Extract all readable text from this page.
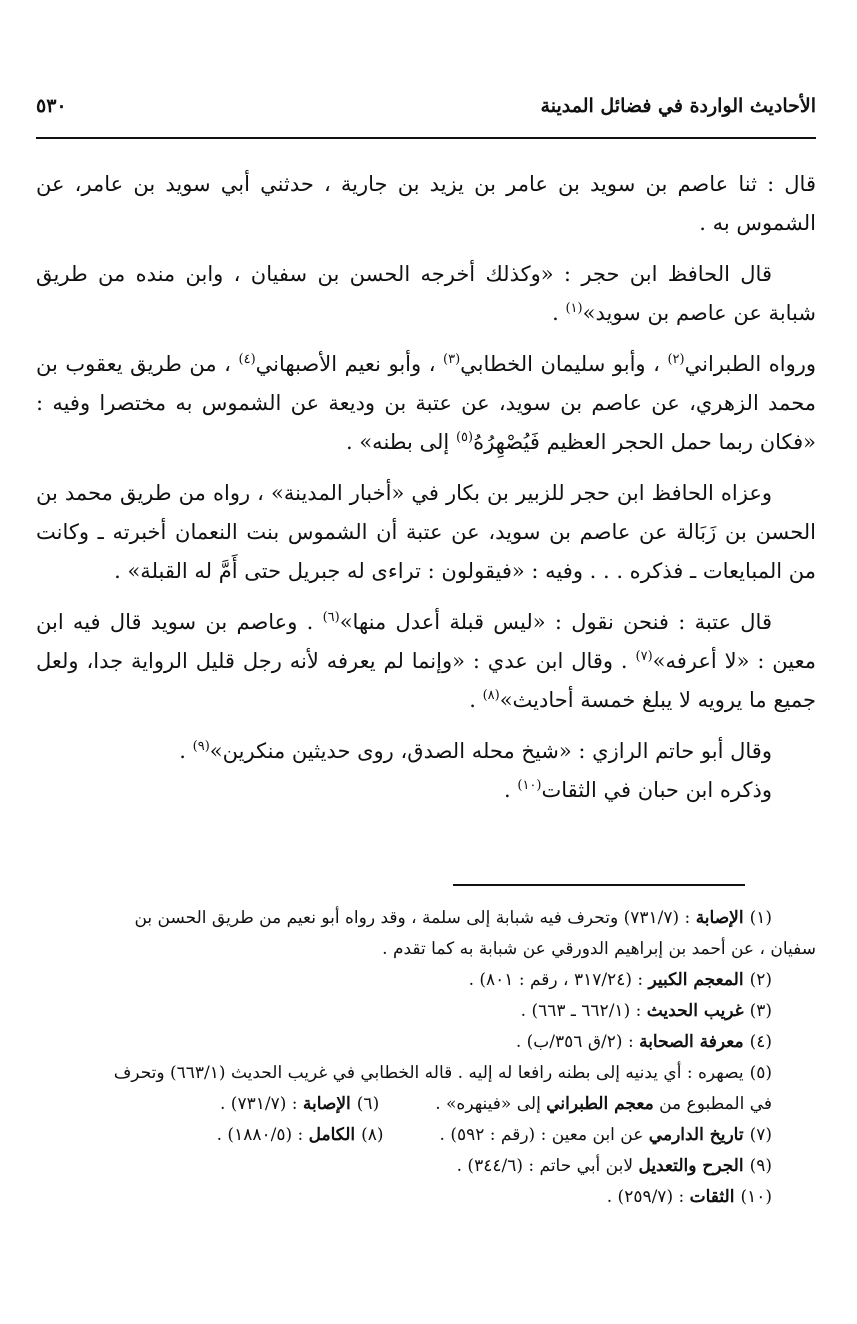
الأحاديث الواردة في فضائل المدينة
٥٣٠

قال : ثنا عاصم بن سويد بن عامر بن يزيد بن جارية ، حدثني أبي سويد بن عامر، عن الشموس به .

قال الحافظ ابن حجر : «وكذلك أخرجه الحسن بن سفيان ، وابن منده من طريق شبابة عن عاصم بن سويد»$^{(١)}$ .

ورواه الطبراني$^{(٢)}$ ، وأبو سليمان الخطابي$^{(٣)}$ ، وأبو نعيم الأصبهاني$^{(٤)}$ ، من طريق يعقوب بن محمد الزهري، عن عاصم بن سويد، عن عتبة بن وديعة عن الشموس به مختصرا وفيه : «فكان ربما حمل الحجر العظيم فَيُصْهِرُهُ$^{(٥)}$ إلى بطنه» .

وعزاه الحافظ ابن حجر للزبير بن بكار في «أخبار المدينة» ، رواه من طريق محمد بن الحسن بن زَبَالة عن عاصم بن سويد، عن عتبة أن الشموس بنت النعمان أخبرته ـ وكانت من المبايعات ـ فذكره . . . وفيه : «فيقولون : تراءى له جبريل حتى أَمَّ له القبلة» .

قال عتبة : فنحن نقول : «ليس قبلة أعدل منها»$^{(٦)}$ . وعاصم بن سويد قال فيه ابن معين : «لا أعرفه»$^{(٧)}$ . وقال ابن عدي : «وإنما لم يعرفه لأنه رجل قليل الرواية جدا، ولعل جميع ما يرويه لا يبلغ خمسة أحاديث»$^{(٨)}$ .

وقال أبو حاتم الرازي : «شيخ محله الصدق، روى حديثين منكرين»$^{(٩)}$ .

وذكره ابن حبان في الثقات$^{(١٠)}$ .

(١)الإصابة : (٧٣١/٧) وتحرف فيه شبابة إلى سلمة ، وقد رواه أبو نعيم من طريق الحسن بن
سفيان ، عن أحمد بن إبراهيم الدورقي عن شبابة به كما تقدم .
(٢)المعجم الكبير : (٣١٧/٢٤ ، رقم : ٨٠١) .
(٣)غريب الحديث : (٦٦٢/١ ـ ٦٦٣) .
(٤)معرفة الصحابة : (٢/ق ٣٥٦/ب) .
(٥)يصهره : أي يدنيه إلى بطنه رافعا له إليه . قاله الخطابي في غريب الحديث (٦٦٣/١) وتحرف
في المطبوع من معجم الطبراني إلى «فينهره» .
(٦)الإصابة : (٧٣١/٧) .
(٧)تاريخ الدارمي عن ابن معين : (رقم : ٥٩٢) .
(٨)الكامل : (١٨٨٠/٥) .
(٩)الجرح والتعديل لابن أبي حاتم : (٣٤٤/٦) .
(١٠)الثقات : (٢٥٩/٧) .
